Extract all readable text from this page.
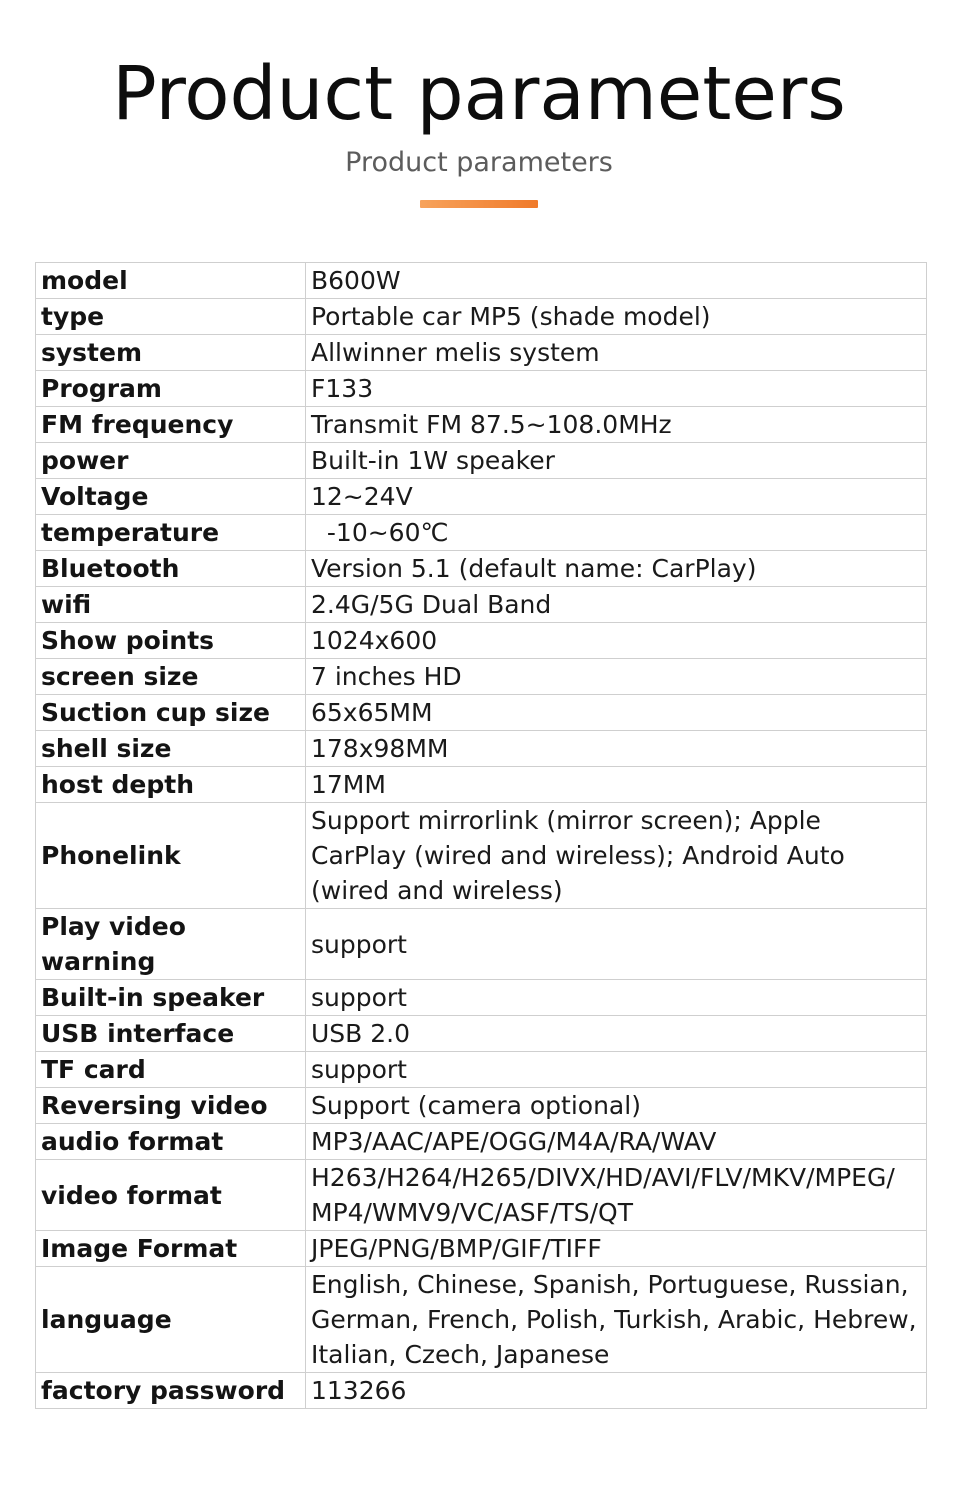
Product parameters
Product parameters
model	B600W
type	Portable car MP5 (shade model)
system	Allwinner melis system
Program	F133
FM frequency	Transmit FM 87.5~108.0MHz
power	Built-in 1W speaker
Voltage	12~24V
temperature	-10~60℃
Bluetooth	Version 5.1 (default name: CarPlay)
wifi	2.4G/5G Dual Band
Show points	1024x600
screen size	7 inches HD
Suction cup size	65x65MM
shell size	178x98MM
host depth	17MM
Phonelink	Support mirrorlink (mirror screen); Apple CarPlay (wired and wireless); Android Auto (wired and wireless)
Play video warning	support
Built-in speaker	support
USB interface	USB 2.0
TF card	support
Reversing video	Support (camera optional)
audio format	MP3/AAC/APE/OGG/M4A/RA/WAV
video format	H263/H264/H265/DIVX/HD/AVI/FLV/MKV/MPEG/ MP4/WMV9/VC/ASF/TS/QT
Image Format	JPEG/PNG/BMP/GIF/TIFF
language	English, Chinese, Spanish, Portuguese, Russian, German, French, Polish, Turkish, Arabic, Hebrew, Italian, Czech, Japanese
factory password	113266
